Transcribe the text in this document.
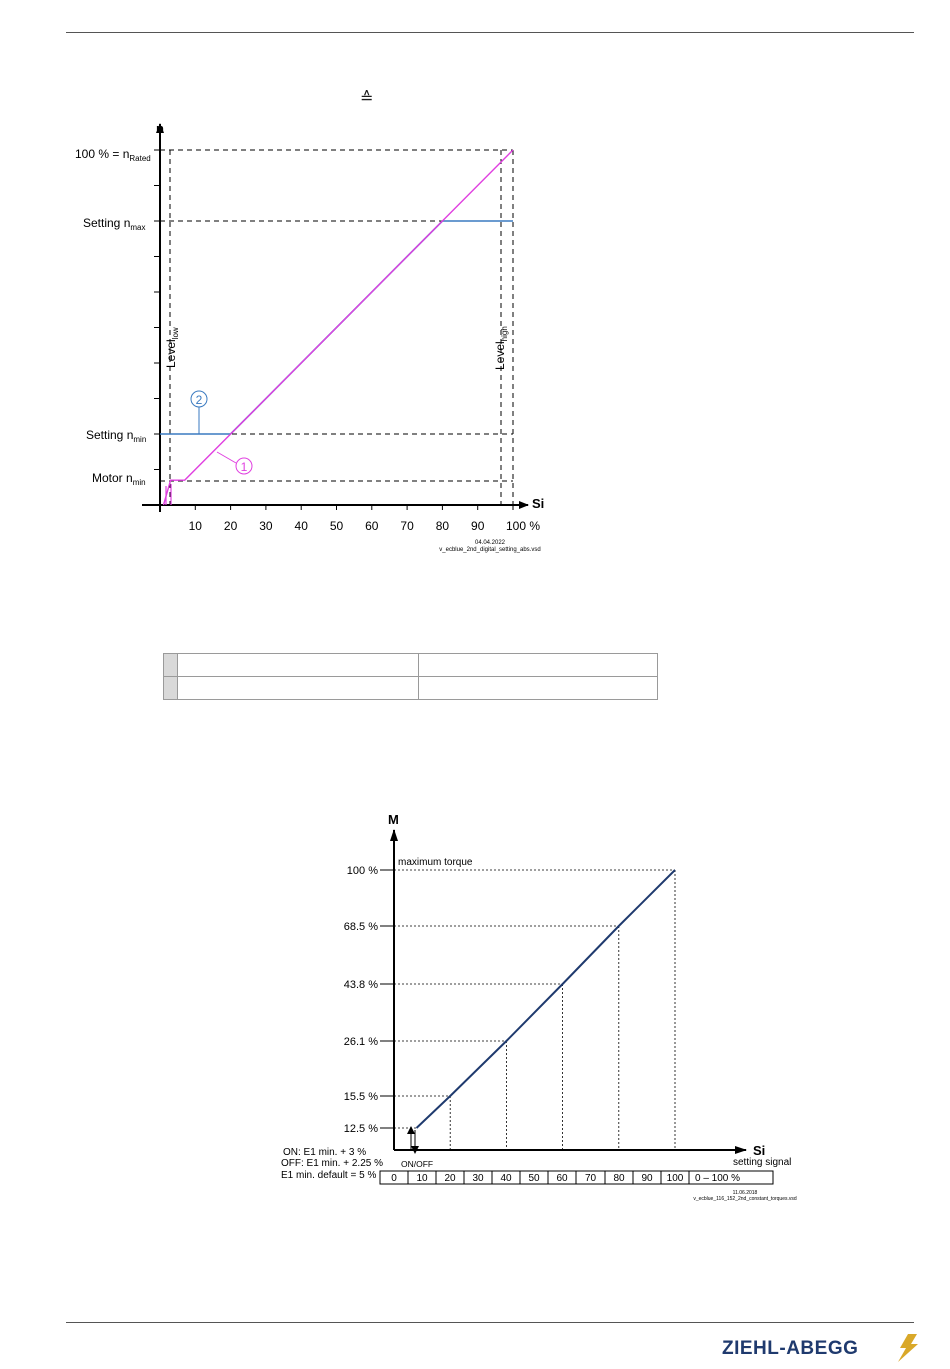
≙
10 20 30 40 50 60 70 80 90 100 %
100 % = $n_{Rated}$
Setting $n_{max}$
Setting $n_{min}$
Motor $n_{min}$
n
Si
Level$_{low}$
Level$_{high}$
2
1
04.04.2022
v_ecblue_2nd_digital_setting_abs.vsd

12.5 %
15.5 %
26.1 %
43.8 %
68.5 %
100 %
M
maximum torque
Si
setting signal
ON: E1 min. + 3 %
OFF: E1 min. + 2.25 %
E1 min. default = 5 %
ON/OFF
0 10 20 30 40 50 60 70 80 90 100 0 – 100 %
11.06.2018
v_ecblue_116_152_2nd_constant_torques.vsd
ZIEHL-ABEGG
